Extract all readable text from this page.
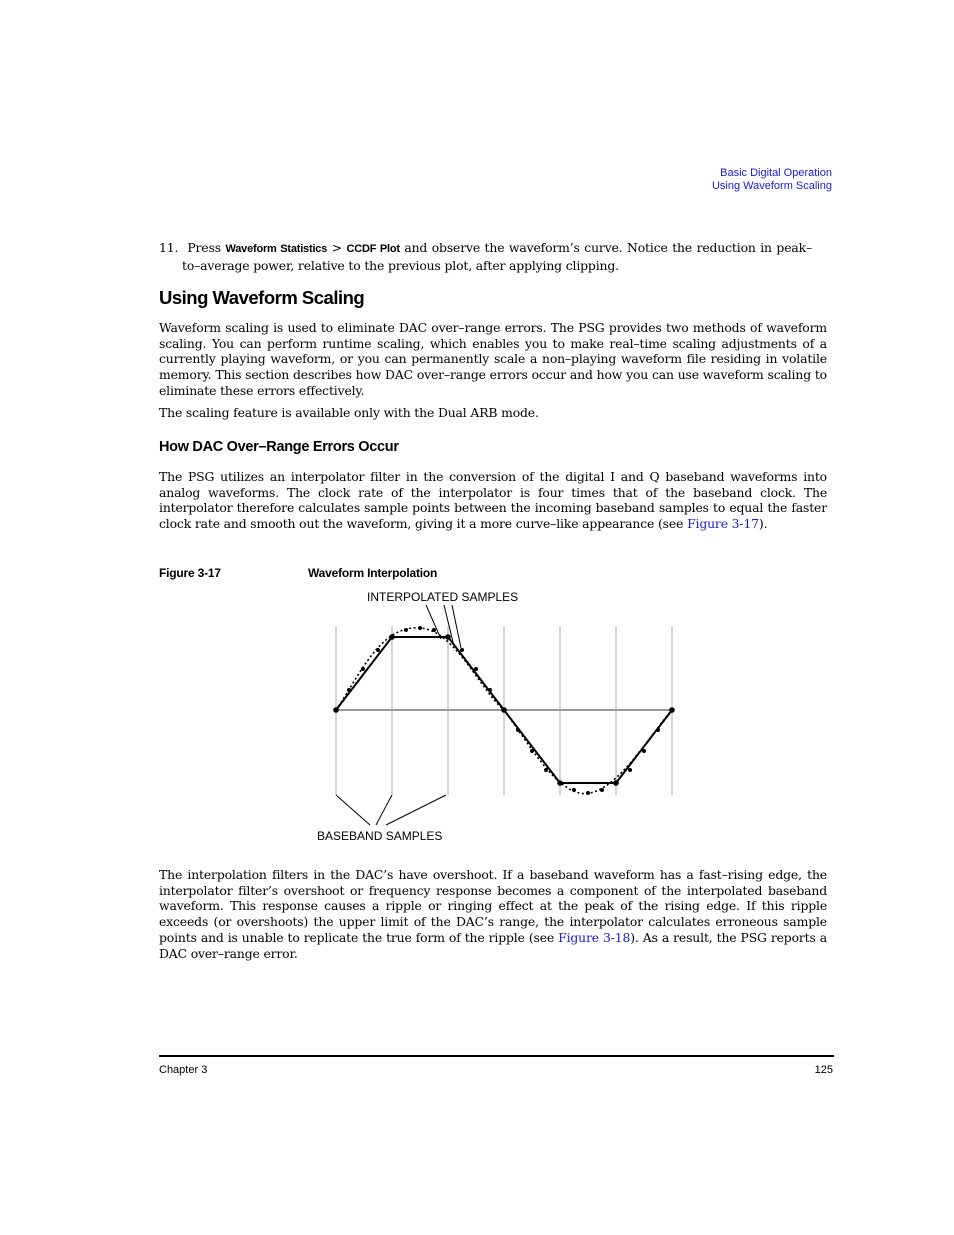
Basic Digital Operation
Using Waveform Scaling
11. Press Waveform Statistics > CCDF Plot and observe the waveform’s curve. Notice the reduction in peak–to–average power, relative to the previous plot, after applying clipping.
Using Waveform Scaling
Waveform scaling is used to eliminate DAC over–range errors. The PSG provides two methods of waveform scaling. You can perform runtime scaling, which enables you to make real–time scaling adjustments of a currently playing waveform, or you can permanently scale a non–playing waveform file residing in volatile memory. This section describes how DAC over–range errors occur and how you can use waveform scaling to eliminate these errors effectively.
The scaling feature is available only with the Dual ARB mode.
How DAC Over–Range Errors Occur
The PSG utilizes an interpolator filter in the conversion of the digital I and Q baseband waveforms into analog waveforms. The clock rate of the interpolator is four times that of the baseband clock. The interpolator therefore calculates sample points between the incoming baseband samples to equal the faster clock rate and smooth out the waveform, giving it a more curve–like appearance (see Figure 3-17).
Figure 3-17	Waveform Interpolation
INTERPOLATED SAMPLES
BASEBAND SAMPLES
The interpolation filters in the DAC’s have overshoot. If a baseband waveform has a fast–rising edge, the interpolator filter’s overshoot or frequency response becomes a component of the interpolated baseband waveform. This response causes a ripple or ringing effect at the peak of the rising edge. If this ripple exceeds (or overshoots) the upper limit of the DAC’s range, the interpolator calculates erroneous sample points and is unable to replicate the true form of the ripple (see Figure 3-18). As a result, the PSG reports a DAC over–range error.
Chapter 3	125
